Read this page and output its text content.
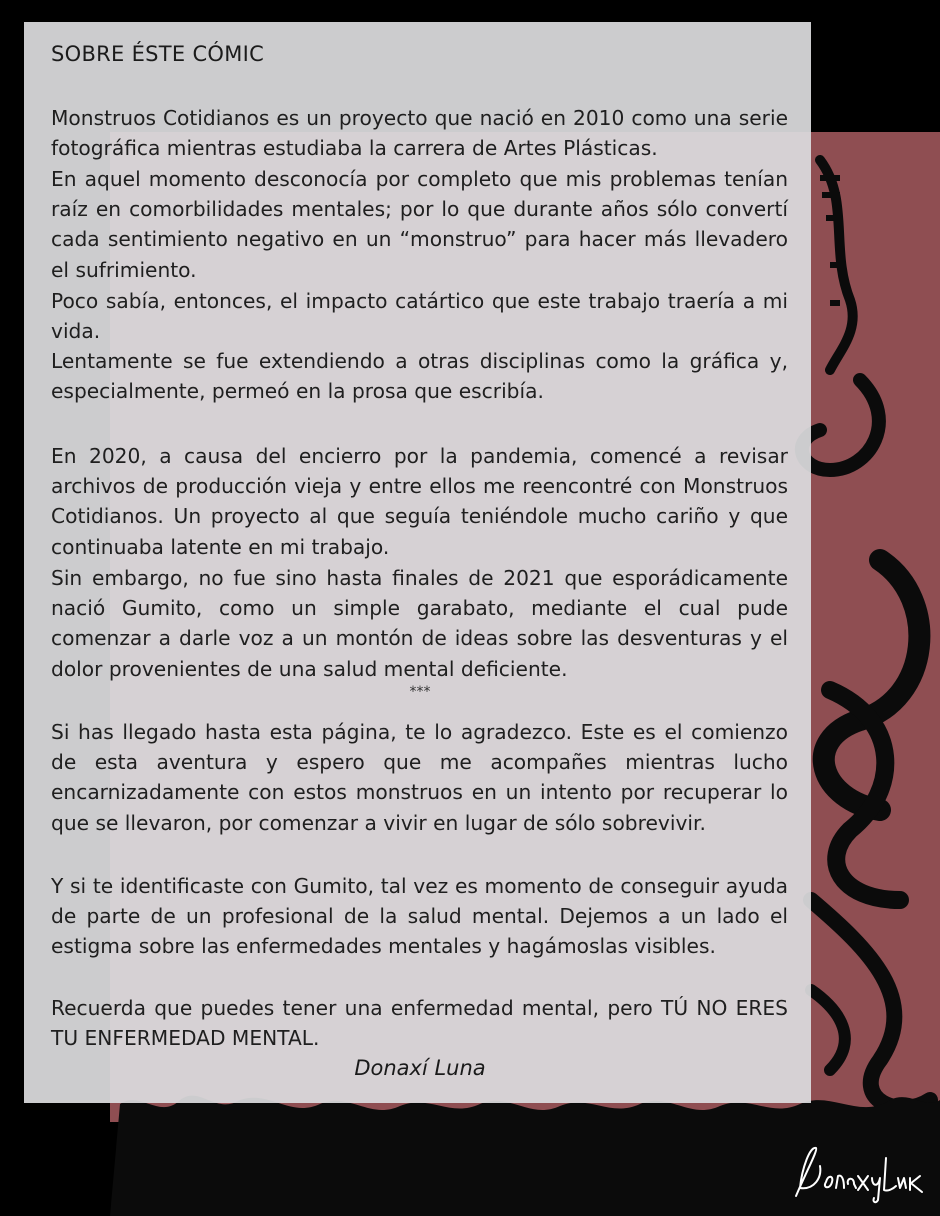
SOBRE ÉSTE CÓMIC

Monstruos Cotidianos es un proyecto que nació en 2010 como una serie fotográfica mientras estudiaba la carrera de Artes Plásticas.

En aquel momento desconocía por completo que mis problemas tenían raíz en comorbilidades mentales; por lo que durante años sólo convertí cada sentimiento negativo en un “monstruo” para hacer más llevadero el sufrimiento.

Poco sabía, entonces, el impacto catártico que este trabajo traería a mi vida.

Lentamente se fue extendiendo a otras disciplinas como la gráfica y, especialmente, permeó en la prosa que escribía.

En 2020, a causa del encierro por la pandemia, comencé a revisar archivos de producción vieja y entre ellos me reencontré con Monstruos Cotidianos. Un proyecto al que seguía teniéndole mucho cariño y que continuaba latente en mi trabajo.

Sin embargo, no fue sino hasta finales de 2021 que esporádicamente nació Gumito, como un simple garabato, mediante el cual pude comenzar a darle voz a un montón de ideas sobre las desventuras y el dolor provenientes de una salud mental deficiente.

***

Si has llegado hasta esta página, te lo agradezco. Este es el comienzo de esta aventura y espero que me acompañes mientras lucho encarnizadamente con estos monstruos en un intento por recuperar lo que se llevaron, por comenzar a vivir en lugar de sólo sobrevivir.

Y si te identificaste con Gumito, tal vez es momento de conseguir ayuda de parte de un profesional de la salud mental. Dejemos a un lado el estigma sobre las enfermedades mentales y hagámoslas visibles.

Recuerda que puedes tener una enfermedad mental, pero TÚ NO ERES TU ENFERMEDAD MENTAL.

Donaxí Luna
